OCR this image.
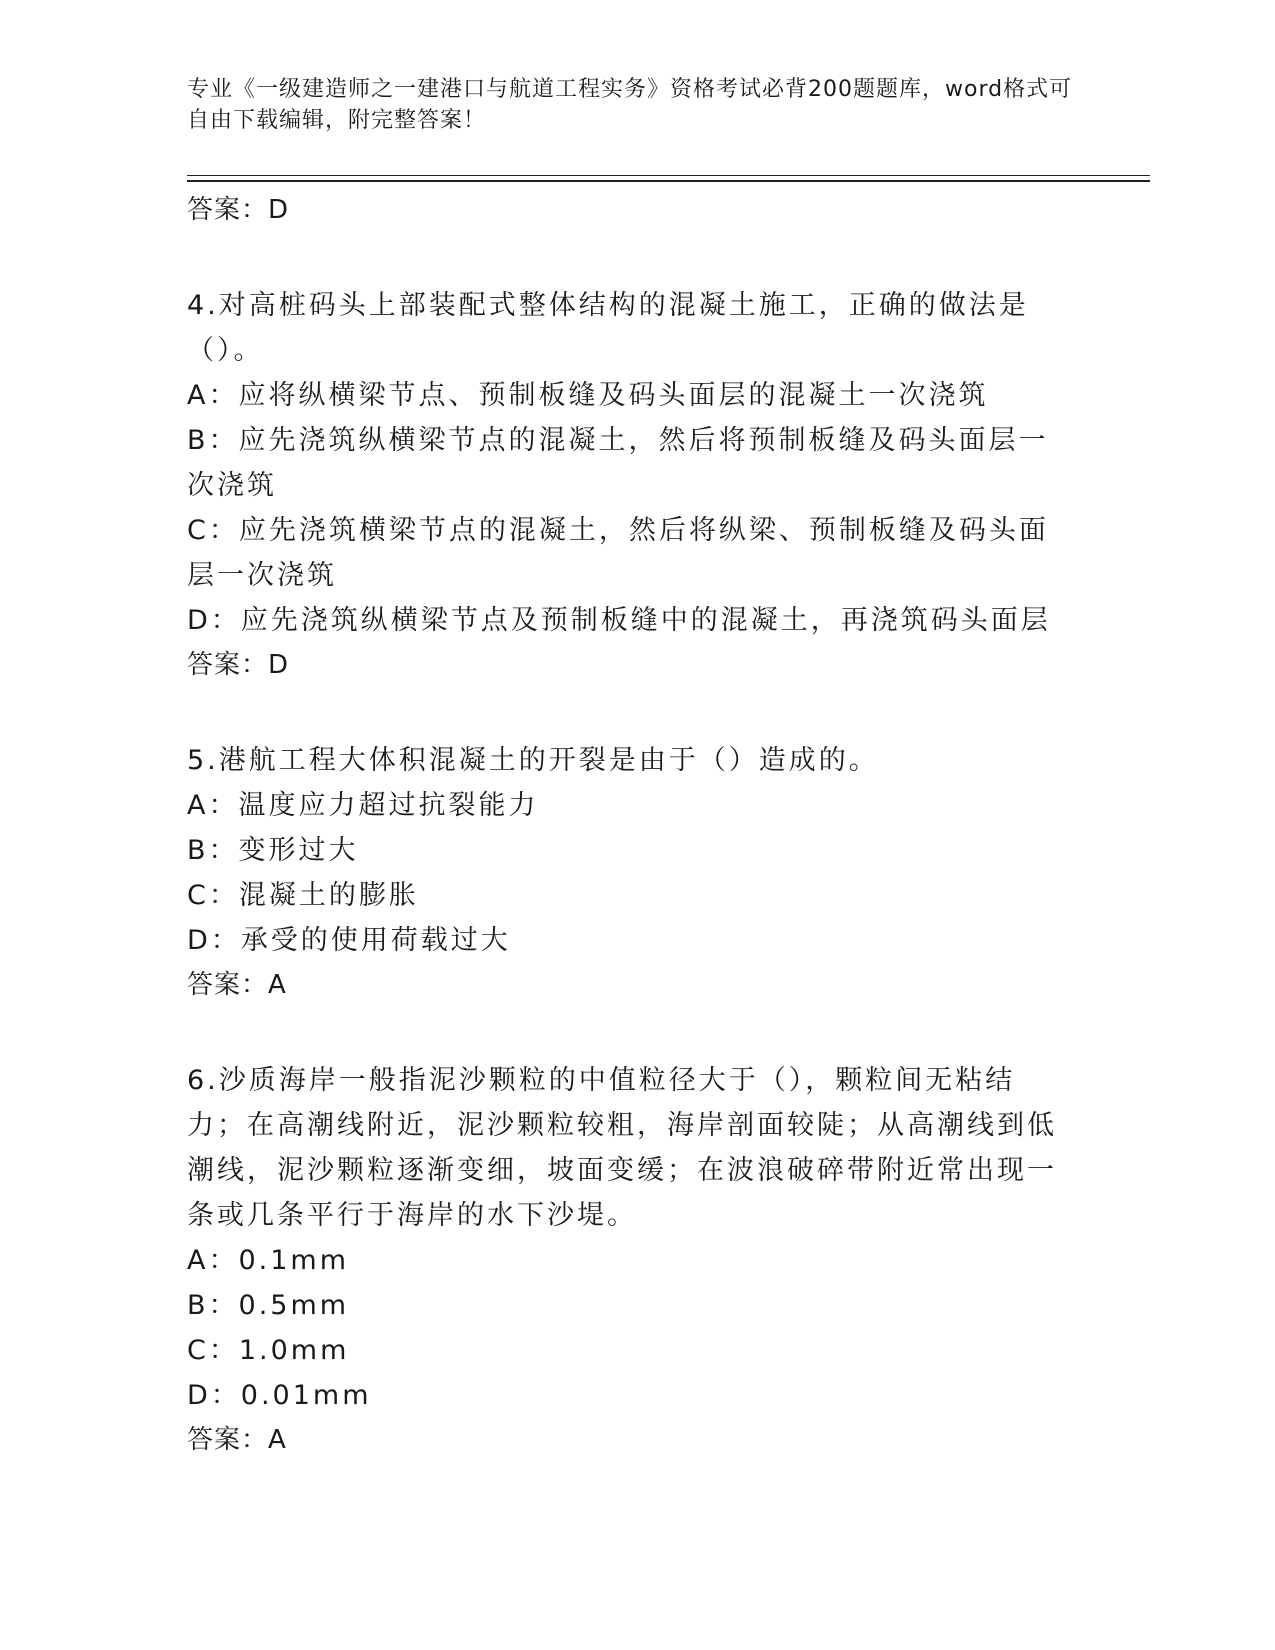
专业《一级建造师之一建港口与航道工程实务》资格考试必背200题题库，word格式可自由下载编辑，附完整答案！
答案：D
4.对高桩码头上部装配式整体结构的混凝土施工，正确的做法是（）。
A：应将纵横梁节点、预制板缝及码头面层的混凝土一次浇筑
B：应先浇筑纵横梁节点的混凝土，然后将预制板缝及码头面层一次浇筑
C：应先浇筑横梁节点的混凝土，然后将纵梁、预制板缝及码头面层一次浇筑
D：应先浇筑纵横梁节点及预制板缝中的混凝土，再浇筑码头面层
答案：D
5.港航工程大体积混凝土的开裂是由于（）造成的。
A：温度应力超过抗裂能力
B：变形过大
C：混凝土的膨胀
D：承受的使用荷载过大
答案：A
6.沙质海岸一般指泥沙颗粒的中值粒径大于（），颗粒间无粘结力；在高潮线附近，泥沙颗粒较粗，海岸剖面较陡；从高潮线到低潮线，泥沙颗粒逐渐变细，坡面变缓；在波浪破碎带附近常出现一条或几条平行于海岸的水下沙堤。
A：0.1mm
B：0.5mm
C：1.0mm
D：0.01mm
答案：A
